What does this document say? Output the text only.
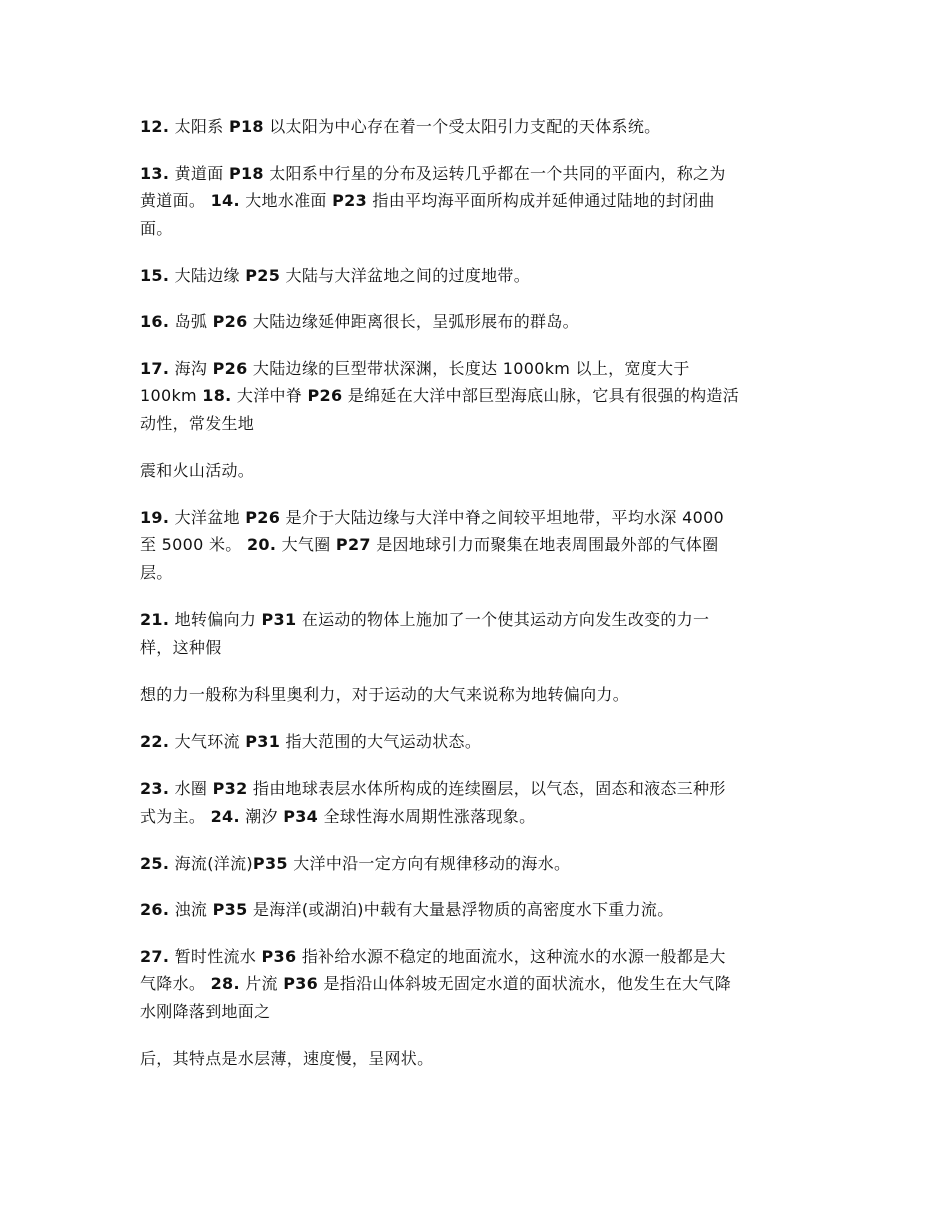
12. 太阳系 P18 以太阳为中心存在着一个受太阳引力支配的天体系统。
13. 黄道面 P18 太阳系中行星的分布及运转几乎都在一个共同的平面内，称之为
黄道面。 14. 大地水准面 P23 指由平均海平面所构成并延伸通过陆地的封闭曲
面。
15. 大陆边缘 P25 大陆与大洋盆地之间的过度地带。
16. 岛弧 P26 大陆边缘延伸距离很长，呈弧形展布的群岛。
17. 海沟 P26 大陆边缘的巨型带状深渊，长度达 1000km 以上，宽度大于
100km 18. 大洋中脊 P26 是绵延在大洋中部巨型海底山脉，它具有很强的构造活
动性，常发生地
震和火山活动。
19. 大洋盆地 P26 是介于大陆边缘与大洋中脊之间较平坦地带，平均水深 4000
至 5000 米。 20. 大气圈 P27 是因地球引力而聚集在地表周围最外部的气体圈
层。
21. 地转偏向力 P31 在运动的物体上施加了一个使其运动方向发生改变的力一
样，这种假
想的力一般称为科里奥利力，对于运动的大气来说称为地转偏向力。
22. 大气环流 P31 指大范围的大气运动状态。
23. 水圈 P32 指由地球表层水体所构成的连续圈层，以气态，固态和液态三种形
式为主。 24. 潮汐 P34 全球性海水周期性涨落现象。
25. 海流(洋流)P35 大洋中沿一定方向有规律移动的海水。
26. 浊流 P35 是海洋(或湖泊)中载有大量悬浮物质的高密度水下重力流。
27. 暂时性流水 P36 指补给水源不稳定的地面流水，这种流水的水源一般都是大
气降水。 28. 片流 P36 是指沿山体斜坡无固定水道的面状流水，他发生在大气降
水刚降落到地面之
后，其特点是水层薄，速度慢，呈网状。
